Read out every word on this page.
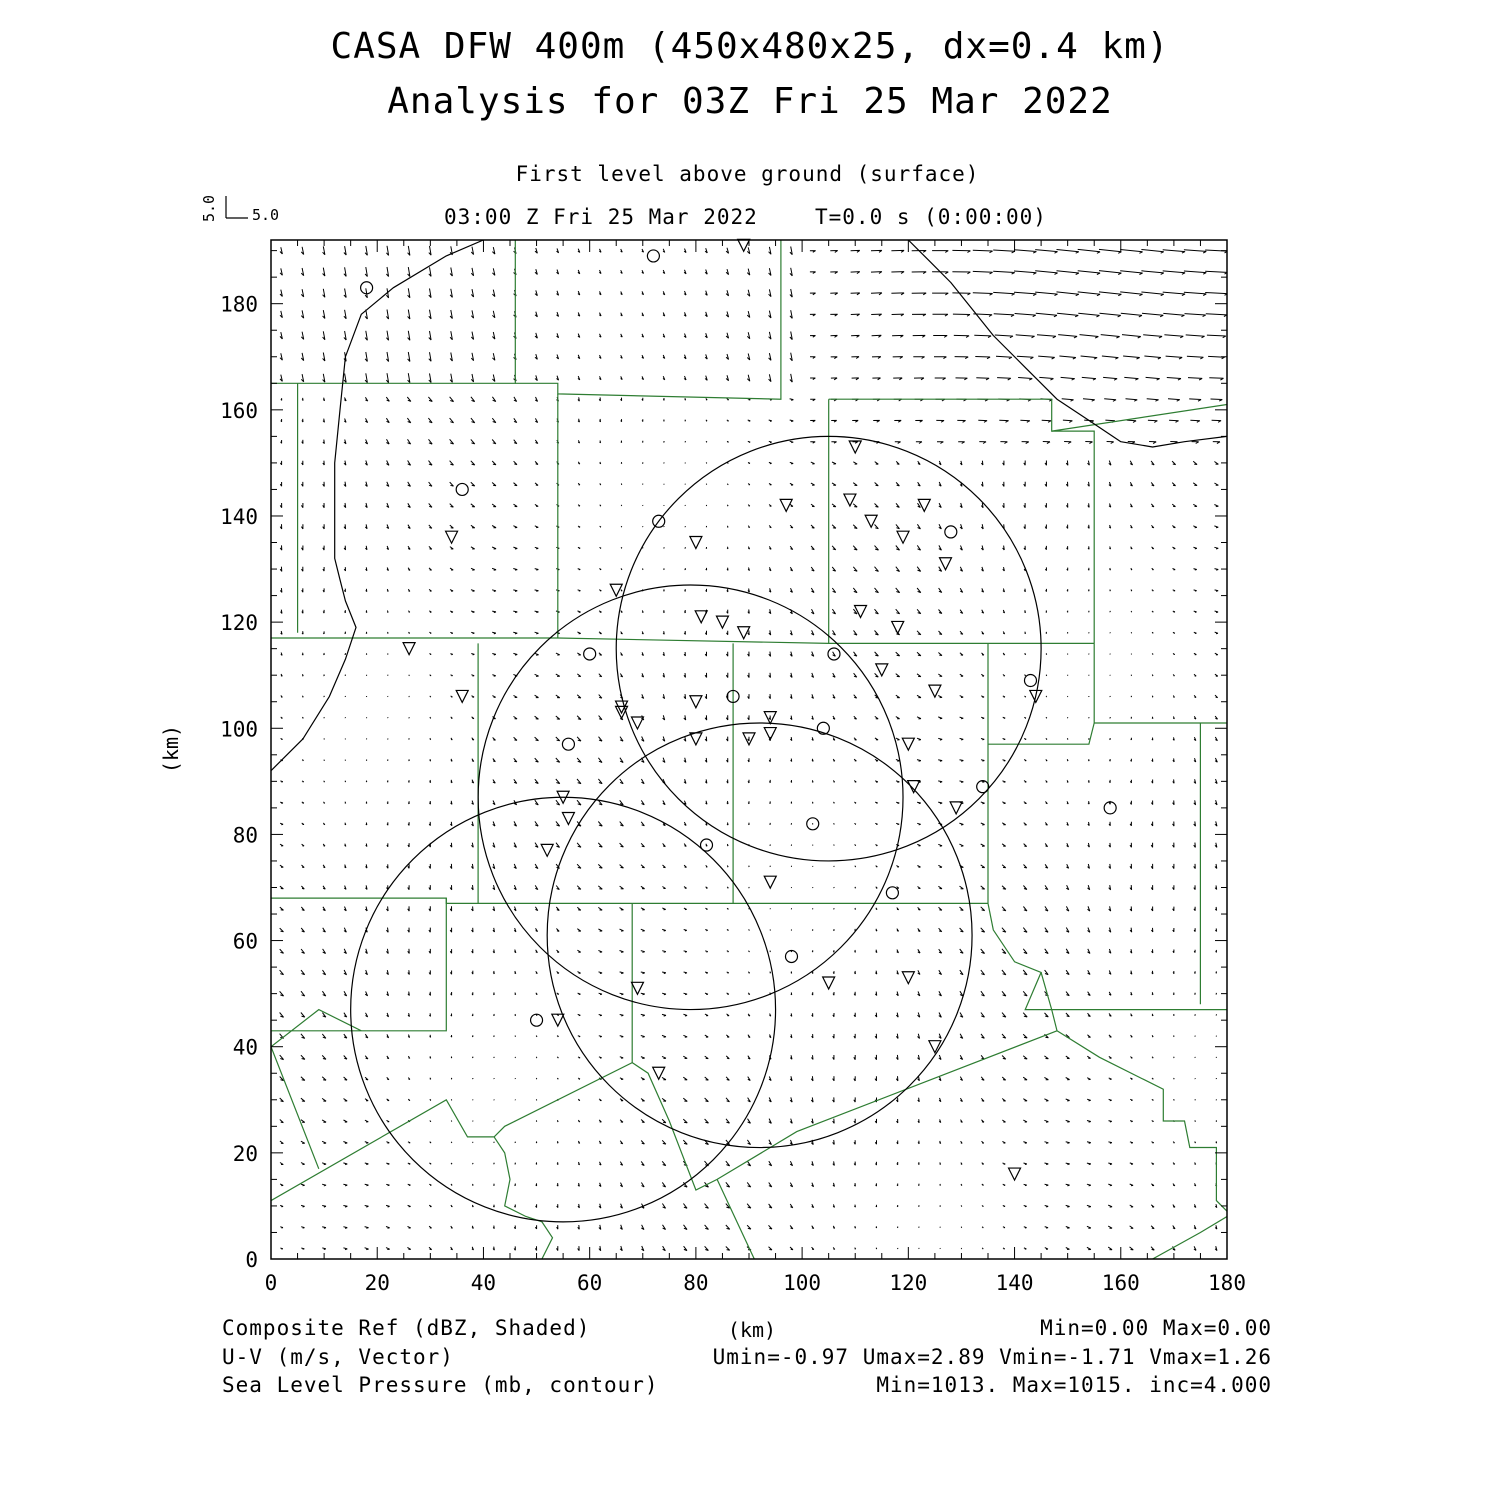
CASA DFW 400m (450x480x25, dx=0.4 km)
Analysis for 03Z Fri 25 Mar 2022
First level above ground (surface)
03:00 Z Fri 25 Mar 2022	T=0.0 s (0:00:00)
0	20	40	60	80	100	120	140	160	180
0
20
40
60
80
100
120
140
160
180
(km)
(km)
5.0
5.0
Composite Ref (dBZ, Shaded)	Min=0.00 Max=0.00
U-V (m/s, Vector)	Umin=-0.97 Umax=2.89 Vmin=-1.71 Vmax=1.26
Sea Level Pressure (mb, contour)	Min=1013. Max=1015. inc=4.000
